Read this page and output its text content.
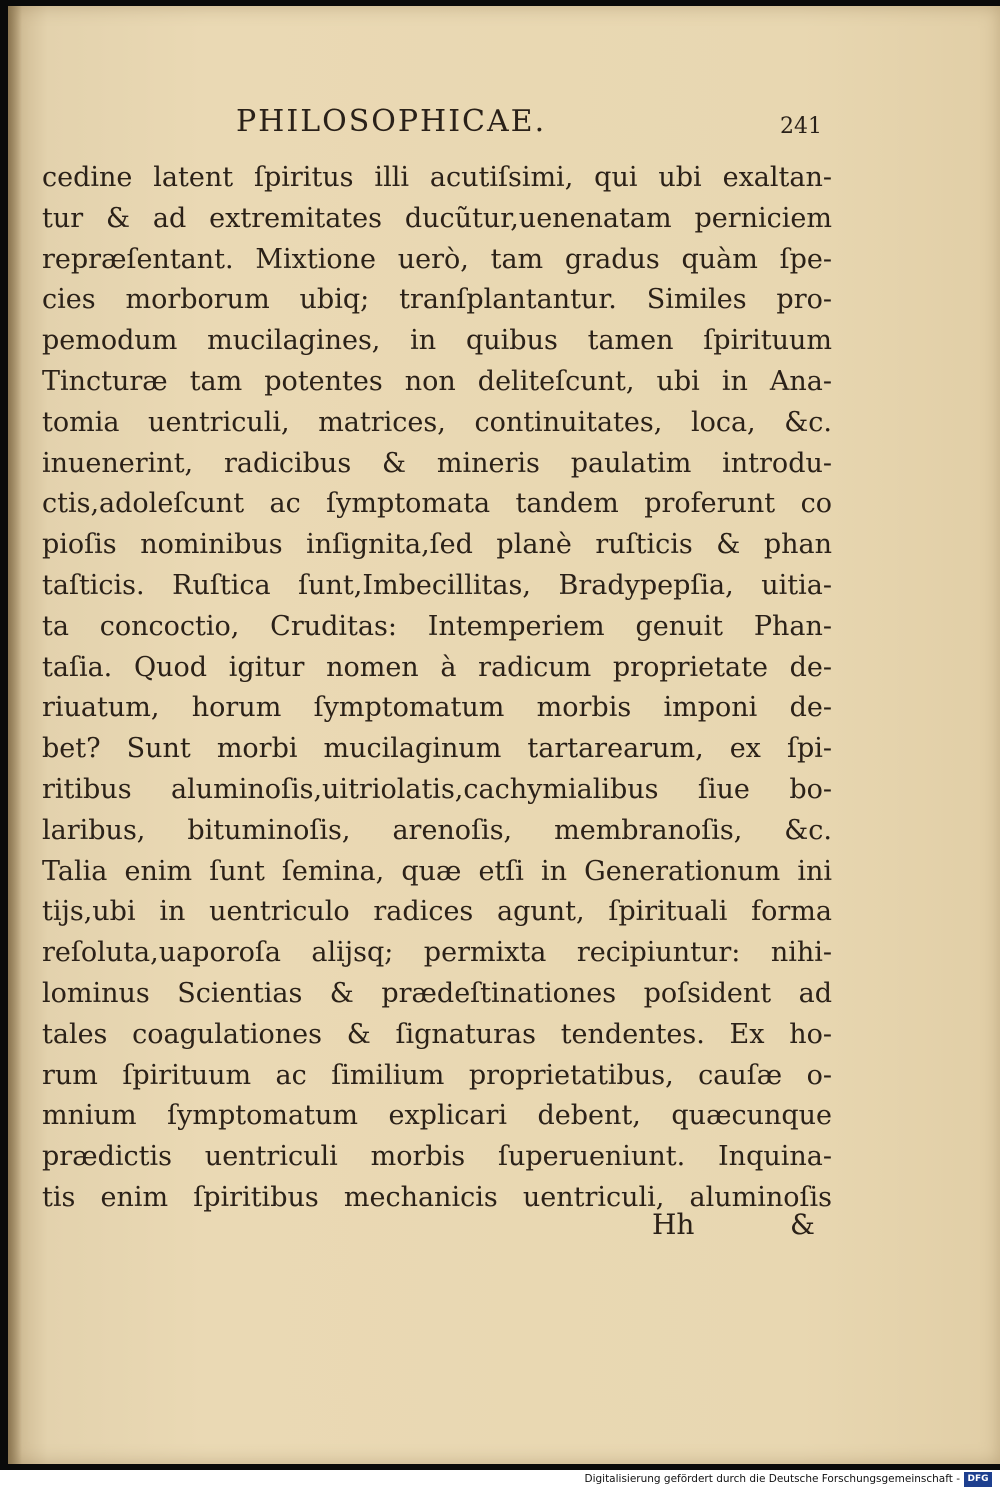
PHILOSOPHICAE.	241
cedine latent ſpiritus illi acutiſsimi, qui ubi exaltan-
tur & ad extremitates ducũtur,uenenatam perniciem
repræſentant. Mixtione uerò, tam gradus quàm ſpe-
cies morborum ubiq; tranſplantantur. Similes pro-
pemodum mucilagines, in quibus tamen ſpirituum
Tincturæ tam potentes non deliteſcunt, ubi in Ana-
tomia uentriculi, matrices, continuitates, loca, &c.
inuenerint, radicibus & mineris paulatim introdu-
ctis,adoleſcunt ac ſymptomata tandem proferunt co
pioſis nominibus inſignita,ſed planè ruſticis & phan
taſticis. Ruſtica ſunt,Imbecillitas, Bradypepſia, uitia-
ta concoctio, Cruditas: Intemperiem genuit Phan-
taſia. Quod igitur nomen à radicum proprietate de-
riuatum, horum ſymptomatum morbis imponi de-
bet? Sunt morbi mucilaginum tartarearum, ex ſpi-
ritibus aluminoſis,uitriolatis,cachymialibus ſiue bo-
laribus, bituminoſis, arenoſis, membranoſis, &c.
Talia enim ſunt ſemina, quæ etſi in Generationum ini
tijs,ubi in uentriculo radices agunt, ſpirituali forma
reſoluta,uaporoſa alijsq; permixta recipiuntur: nihi-
lominus Scientias & prædeſtinationes poſsident ad
tales coagulationes & ſignaturas tendentes. Ex ho-
rum ſpirituum ac ſimilium proprietatibus, cauſæ o-
mnium ſymptomatum explicari debent, quæcunque
prædictis uentriculi morbis ſuperueniunt. Inquina-
tis enim ſpiritibus mechanicis uentriculi, aluminoſis
Hh	&
Digitalisierung gefördert durch die Deutsche Forschungsgemeinschaft - DFG
